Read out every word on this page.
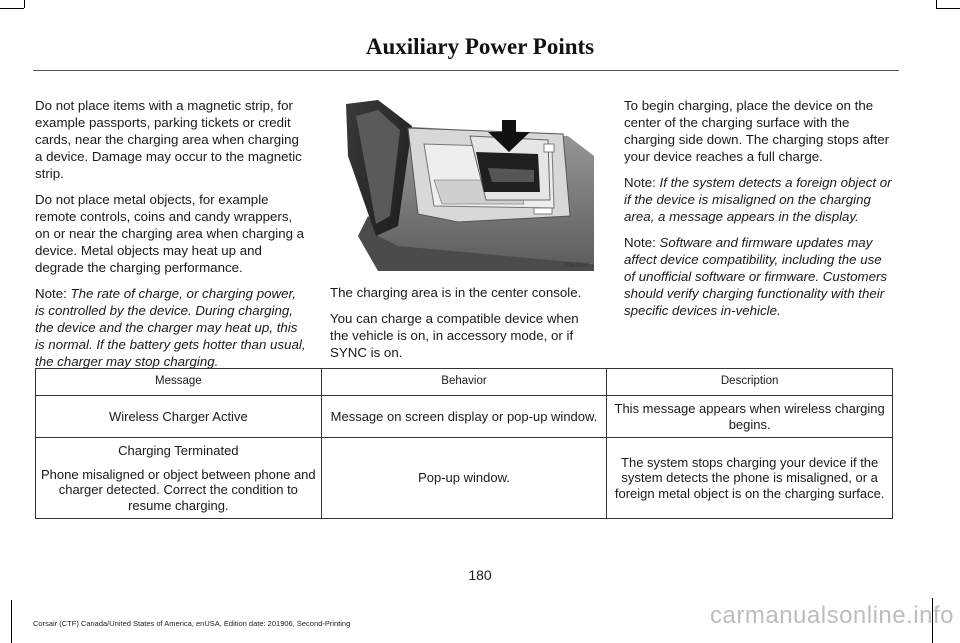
Auxiliary Power Points

Do not place items with a magnetic strip, for example passports, parking tickets or credit cards, near the charging area when charging a device. Damage may occur to the magnetic strip.

Do not place metal objects, for example remote controls, coins and candy wrappers, on or near the charging area when charging a device. Metal objects may heat up and degrade the charging performance.

Note: The rate of charge, or charging power, is controlled by the device. During charging, the device and the charger may heat up, this is normal. If the battery gets hotter than usual, the charger may stop charging.

E303580

The charging area is in the center console.

You can charge a compatible device when the vehicle is on, in accessory mode, or if SYNC is on.

To begin charging, place the device on the center of the charging surface with the charging side down. The charging stops after your device reaches a full charge.

Note: If the system detects a foreign object or if the device is misaligned on the charging area, a message appears in the display.

Note: Software and firmware updates may affect device compatibility, including the use of unofficial software or firmware. Customers should verify charging functionality with their specific devices in-vehicle.

Message	Behavior	Description
Wireless Charger Active	Message on screen display or pop-up window.	This message appears when wireless charging begins.

Charging Terminated

Phone misaligned or object between phone and charger detected. Correct the condition to resume charging.	Pop-up window.	The system stops charging your device if the system detects the phone is misaligned, or a foreign metal object is on the charging surface.
180
Corsair (CTF) Canada/United States of America, enUSA, Edition date: 201906, Second-Printing	carmanualsonline.info
